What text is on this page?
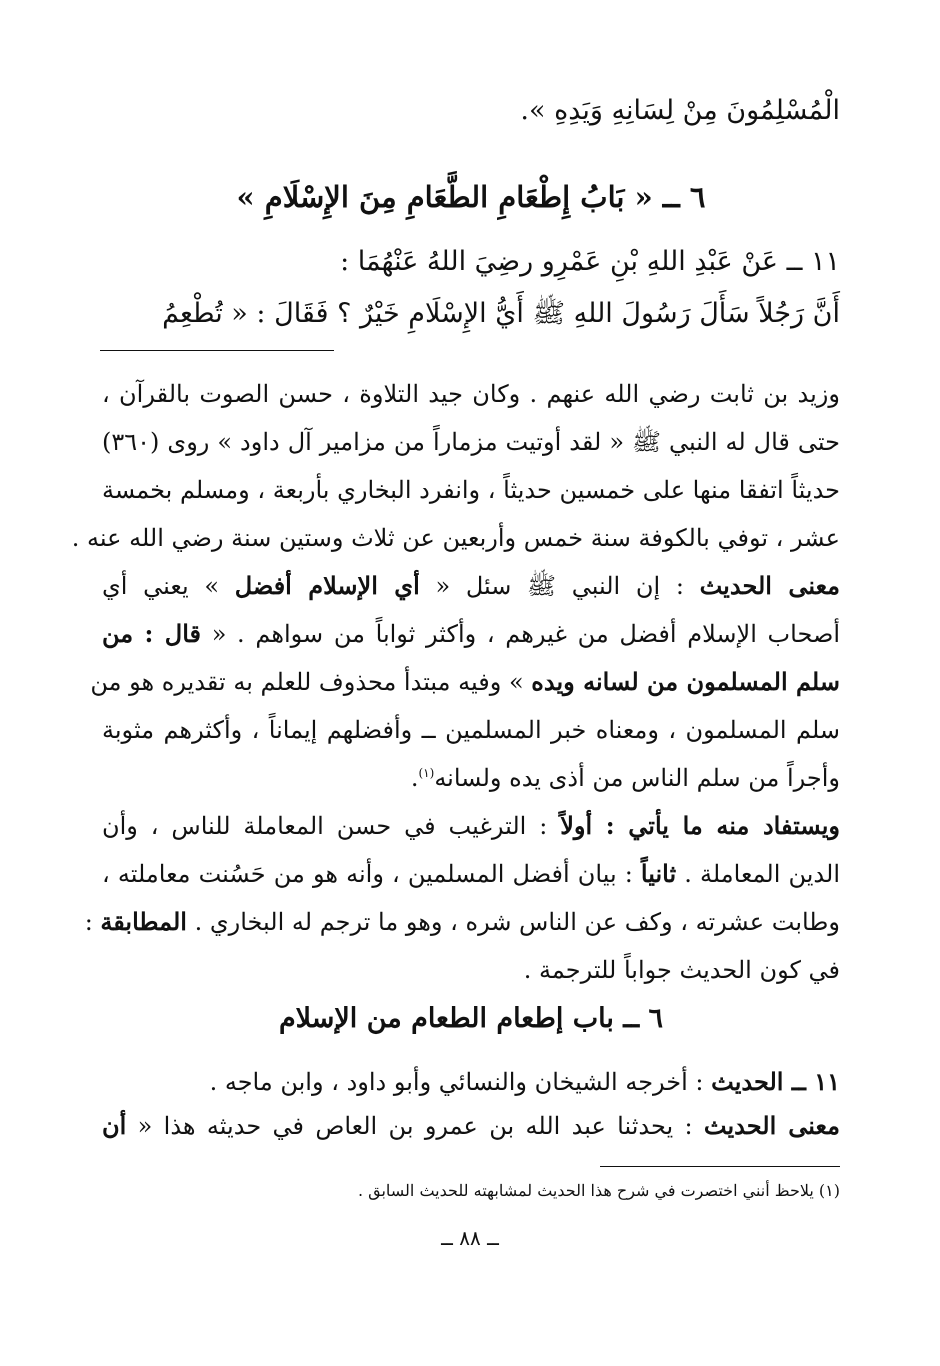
الْمُسْلِمُونَ مِنْ لِسَانِهِ وَيَدِهِ ».
٦ ــ « بَابُ إِطْعَامِ الطَّعَامِ مِنَ الإِسْلَامِ »
١١ ــ عَنْ عَبْدِ اللهِ بْنِ عَمْرِو رضِيَ اللهُ عَنْهُمَا :
أَنَّ رَجُلاً سَأَلَ رَسُولَ اللهِ ﷺ أَيُّ الإِسْلَامِ خَيْرٌ ؟ فَقَالَ : « تُطْعِمُ
وزيد بن ثابت رضي الله عنهم . وكان جيد التلاوة ، حسن الصوت بالقرآن ،
حتى قال له النبي ﷺ « لقد أوتيت مزماراً من مزامير آل داود » روى (٣٦٠)
حديثاً اتفقا منها على خمسين حديثاً ، وانفرد البخاري بأربعة ، ومسلم بخمسة
عشر ، توفي بالكوفة سنة خمس وأربعين عن ثلاث وستين سنة رضي الله عنه .
معنى الحديث : إن النبي ﷺ سئل « أي الإسلام أفضل » يعني أي
أصحاب الإسلام أفضل من غيرهم ، وأكثر ثواباً من سواهم . « قال : من
سلم المسلمون من لسانه ويده » وفيه مبتدأ محذوف للعلم به تقديره هو من
سلم المسلمون ، ومعناه خبر المسلمين ــ وأفضلهم إيماناً ، وأكثرهم مثوبة
وأجراً من سلم الناس من أذى يده ولسانه$^{(١)}$.
ويستفاد منه ما يأتي : أولاً : الترغيب في حسن المعاملة للناس ، وأن
الدين المعاملة . ثانياً : بيان أفضل المسلمين ، وأنه هو من حَسُنت معاملته ،
وطابت عشرته ، وكف عن الناس شره ، وهو ما ترجم له البخاري . المطابقة :
في كون الحديث جواباً للترجمة .
٦ ــ باب إطعام الطعام من الإسلام
١١ ــ الحديث : أخرجه الشيخان والنسائي وأبو داود ، وابن ماجه .
معنى الحديث : يحدثنا عبد الله بن عمرو بن العاص في حديثه هذا « أن
(١) يلاحظ أنني اختصرت في شرح هذا الحديث لمشابهته للحديث السابق .
ــ ٨٨ ــ
